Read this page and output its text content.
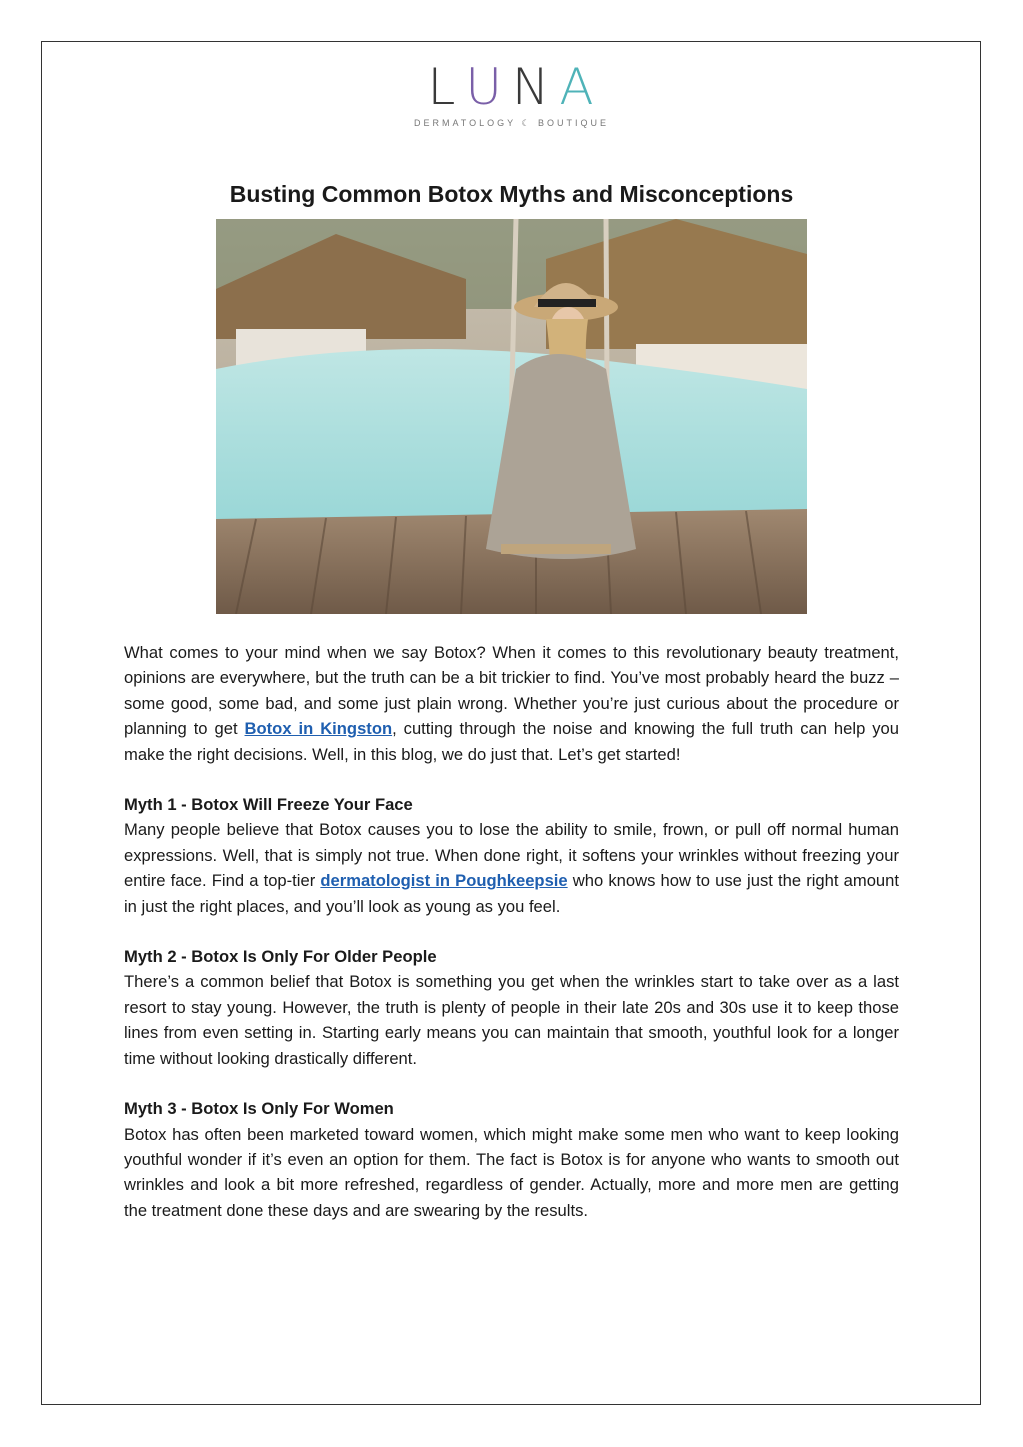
L U N A
DERMATOLOGY ☾ BOUTIQUE
Busting Common Botox Myths and Misconceptions

What comes to your mind when we say Botox? When it comes to this revolutionary beauty treatment, opinions are everywhere, but the truth can be a bit trickier to find. You’ve most probably heard the buzz – some good, some bad, and some just plain wrong. Whether you’re just curious about the procedure or planning to get Botox in Kingston, cutting through the noise and knowing the full truth can help you make the right decisions. Well, in this blog, we do just that. Let’s get started!

Myth 1 - Botox Will Freeze Your Face

Many people believe that Botox causes you to lose the ability to smile, frown, or pull off normal human expressions. Well, that is simply not true. When done right, it softens your wrinkles without freezing your entire face. Find a top-tier dermatologist in Poughkeepsie who knows how to use just the right amount in just the right places, and you’ll look as young as you feel.

Myth 2 - Botox Is Only For Older People

There’s a common belief that Botox is something you get when the wrinkles start to take over as a last resort to stay young. However, the truth is plenty of people in their late 20s and 30s use it to keep those lines from even setting in. Starting early means you can maintain that smooth, youthful look for a longer time without looking drastically different.

Myth 3 - Botox Is Only For Women

Botox has often been marketed toward women, which might make some men who want to keep looking youthful wonder if it’s even an option for them. The fact is Botox is for anyone who wants to smooth out wrinkles and look a bit more refreshed, regardless of gender. Actually, more and more men are getting the treatment done these days and are swearing by the results.
